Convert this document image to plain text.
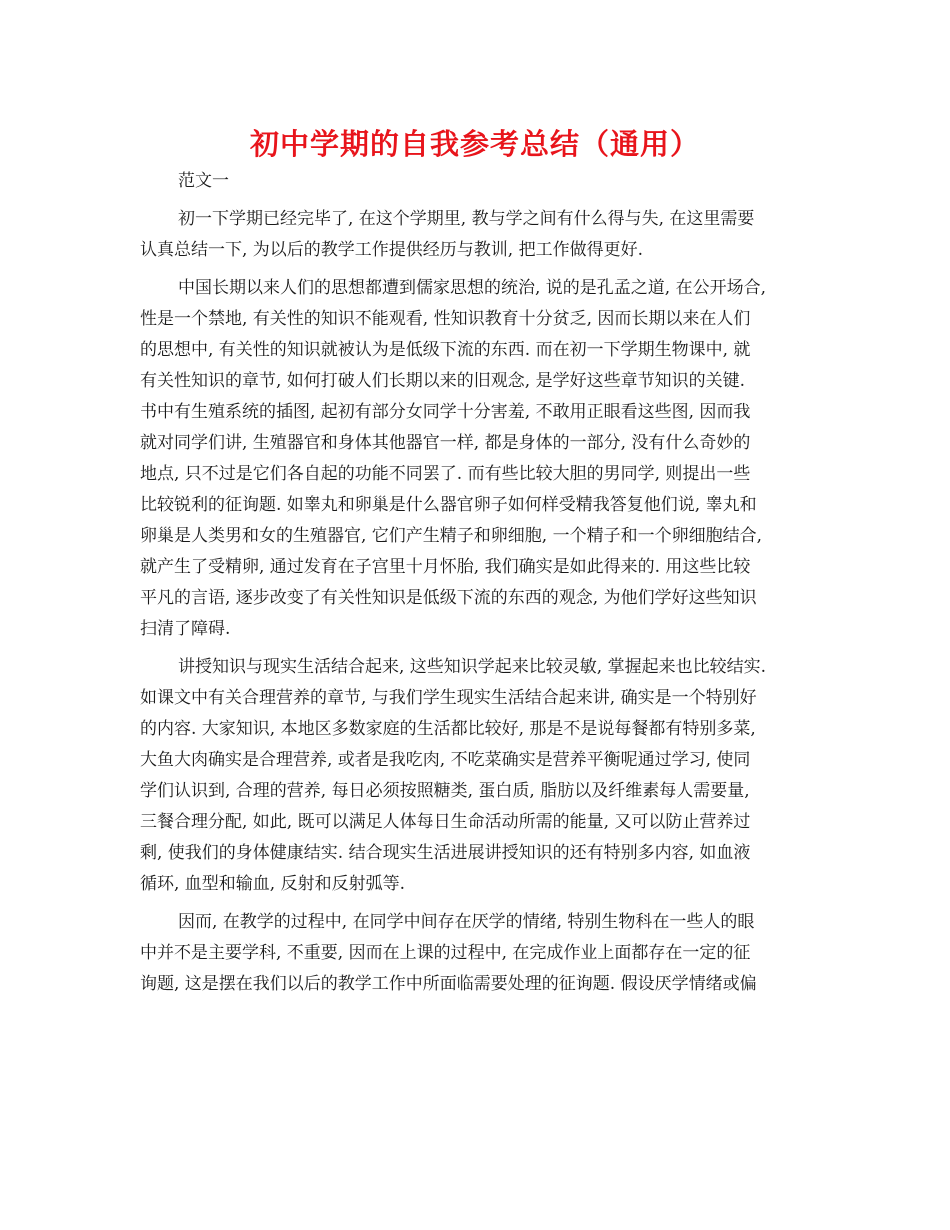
初中学期的自我参考总结（通用）
范文一
初一下学期已经完毕了, 在这个学期里, 教与学之间有什么得与失, 在这里需要
认真总结一下, 为以后的教学工作提供经历与教训, 把工作做得更好.
中国长期以来人们的思想都遭到儒家思想的统治, 说的是孔孟之道, 在公开场合,
性是一个禁地, 有关性的知识不能观看, 性知识教育十分贫乏, 因而长期以来在人们
的思想中, 有关性的知识就被认为是低级下流的东西. 而在初一下学期生物课中, 就
有关性知识的章节, 如何打破人们长期以来的旧观念, 是学好这些章节知识的关键.
书中有生殖系统的插图, 起初有部分女同学十分害羞, 不敢用正眼看这些图, 因而我
就对同学们讲, 生殖器官和身体其他器官一样, 都是身体的一部分, 没有什么奇妙的
地点, 只不过是它们各自起的功能不同罢了. 而有些比较大胆的男同学, 则提出一些
比较锐利的征询题. 如睾丸和卵巢是什么器官卵子如何样受精我答复他们说, 睾丸和
卵巢是人类男和女的生殖器官, 它们产生精子和卵细胞, 一个精子和一个卵细胞结合,
就产生了受精卵, 通过发育在子宫里十月怀胎, 我们确实是如此得来的. 用这些比较
平凡的言语, 逐步改变了有关性知识是低级下流的东西的观念, 为他们学好这些知识
扫清了障碍.
讲授知识与现实生活结合起来, 这些知识学起来比较灵敏, 掌握起来也比较结实.
如课文中有关合理营养的章节, 与我们学生现实生活结合起来讲, 确实是一个特别好
的内容. 大家知识, 本地区多数家庭的生活都比较好, 那是不是说每餐都有特别多菜,
大鱼大肉确实是合理营养, 或者是我吃肉, 不吃菜确实是营养平衡呢通过学习, 使同
学们认识到, 合理的营养, 每日必须按照糖类, 蛋白质, 脂肪以及纤维素每人需要量,
三餐合理分配, 如此, 既可以满足人体每日生命活动所需的能量, 又可以防止营养过
剩, 使我们的身体健康结实. 结合现实生活进展讲授知识的还有特别多内容, 如血液
循环, 血型和输血, 反射和反射弧等.
因而, 在教学的过程中, 在同学中间存在厌学的情绪, 特别生物科在一些人的眼
中并不是主要学科, 不重要, 因而在上课的过程中, 在完成作业上面都存在一定的征
询题, 这是摆在我们以后的教学工作中所面临需要处理的征询题. 假设厌学情绪或偏
